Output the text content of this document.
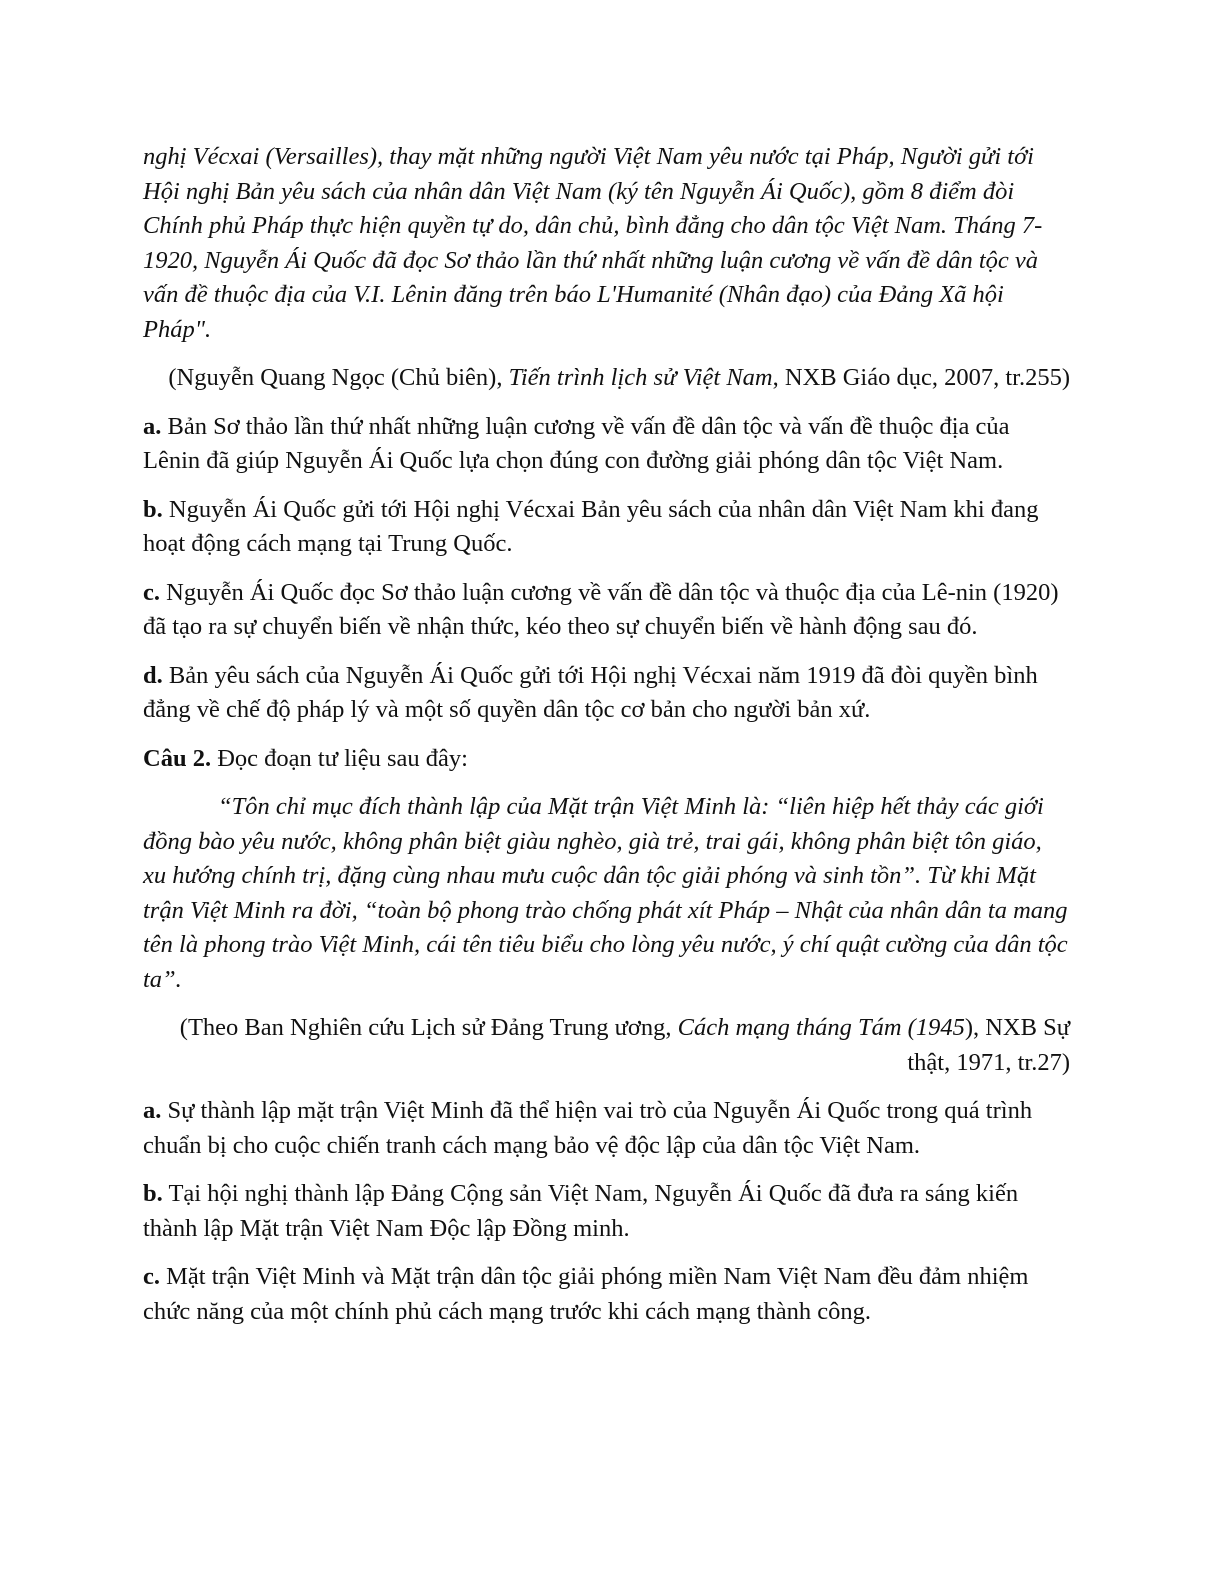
nghị Vécxai (Versailles), thay mặt những người Việt Nam yêu nước tại Pháp, Người gửi tới Hội nghị Bản yêu sách của nhân dân Việt Nam (ký tên Nguyễn Ái Quốc), gồm 8 điểm đòi Chính phủ Pháp thực hiện quyền tự do, dân chủ, bình đẳng cho dân tộc Việt Nam. Tháng 7-1920, Nguyễn Ái Quốc đã đọc Sơ thảo lần thứ nhất những luận cương về vấn đề dân tộc và vấn đề thuộc địa của V.I. Lênin đăng trên báo L'Humanité (Nhân đạo) của Đảng Xã hội Pháp".

(Nguyễn Quang Ngọc (Chủ biên), Tiến trình lịch sử Việt Nam, NXB Giáo dục, 2007, tr.255)

a. Bản Sơ thảo lần thứ nhất những luận cương về vấn đề dân tộc và vấn đề thuộc địa của Lênin đã giúp Nguyễn Ái Quốc lựa chọn đúng con đường giải phóng dân tộc Việt Nam.

b. Nguyễn Ái Quốc gửi tới Hội nghị Vécxai Bản yêu sách của nhân dân Việt Nam khi đang hoạt động cách mạng tại Trung Quốc.

c. Nguyễn Ái Quốc đọc Sơ thảo luận cương về vấn đề dân tộc và thuộc địa của Lê-nin (1920) đã tạo ra sự chuyển biến về nhận thức, kéo theo sự chuyển biến về hành động sau đó.

d. Bản yêu sách của Nguyễn Ái Quốc gửi tới Hội nghị Vécxai năm 1919 đã đòi quyền bình đẳng về chế độ pháp lý và một số quyền dân tộc cơ bản cho người bản xứ.

Câu 2. Đọc đoạn tư liệu sau đây:

“Tôn chỉ mục đích thành lập của Mặt trận Việt Minh là: “liên hiệp hết thảy các giới đồng bào yêu nước, không phân biệt giàu nghèo, già trẻ, trai gái, không phân biệt tôn giáo, xu hướng chính trị, đặng cùng nhau mưu cuộc dân tộc giải phóng và sinh tồn”. Từ khi Mặt trận Việt Minh ra đời, “toàn bộ phong trào chống phát xít Pháp – Nhật của nhân dân ta mang tên là phong trào Việt Minh, cái tên tiêu biểu cho lòng yêu nước, ý chí quật cường của dân tộc ta”.

(Theo Ban Nghiên cứu Lịch sử Đảng Trung ương, Cách mạng tháng Tám (1945), NXB Sự thật, 1971, tr.27)

a. Sự thành lập mặt trận Việt Minh đã thể hiện vai trò của Nguyễn Ái Quốc trong quá trình chuẩn bị cho cuộc chiến tranh cách mạng bảo vệ độc lập của dân tộc Việt Nam.

b. Tại hội nghị thành lập Đảng Cộng sản Việt Nam, Nguyễn Ái Quốc đã đưa ra sáng kiến thành lập Mặt trận Việt Nam Độc lập Đồng minh.

c. Mặt trận Việt Minh và Mặt trận dân tộc giải phóng miền Nam Việt Nam đều đảm nhiệm chức năng của một chính phủ cách mạng trước khi cách mạng thành công.
